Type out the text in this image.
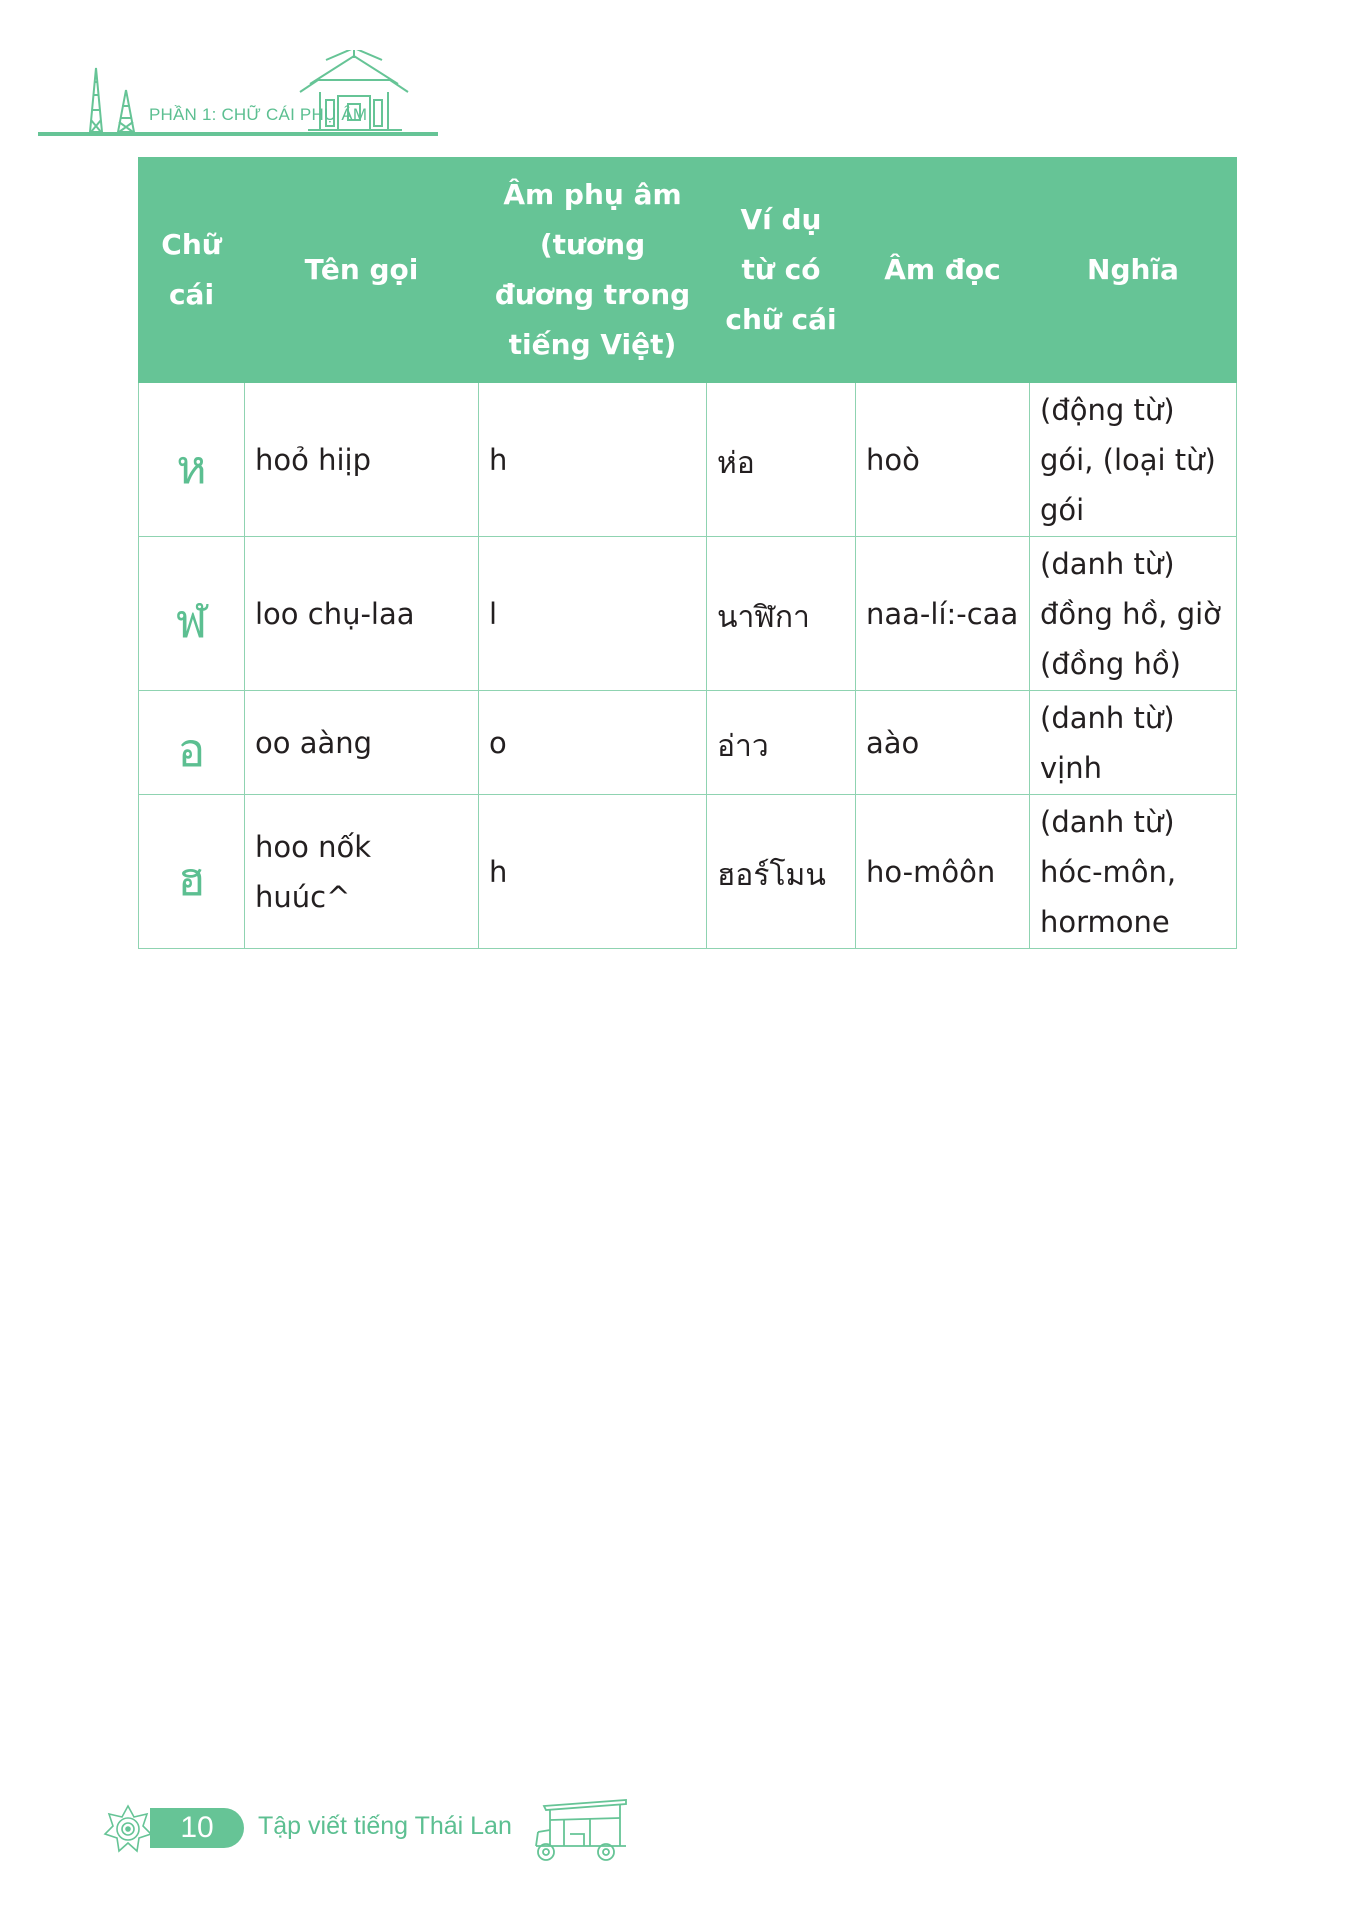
PHẦN 1: CHỮ CÁI PHỤ ÂM
Chữ cái	Tên gọi	Âm phụ âm (tương đương trong tiếng Việt)	Ví dụ từ có chữ cái	Âm đọc	Nghĩa
ห	hoỏ hiịp	h	ห่อ	hoò	(động từ) gói, (loại từ) gói
ฬ	loo chụ-laa	l	นาฬิกา	naa-lí:-caa	(danh từ) đồng hồ, giờ (đồng hồ)
อ	oo aàng	o	อ่าว	aào	(danh từ) vịnh
ฮ	hoo nốk huúc^	h	ฮอร์โมน	ho-môôn	(danh từ) hóc-môn, hormone
10	Tập viết tiếng Thái Lan
